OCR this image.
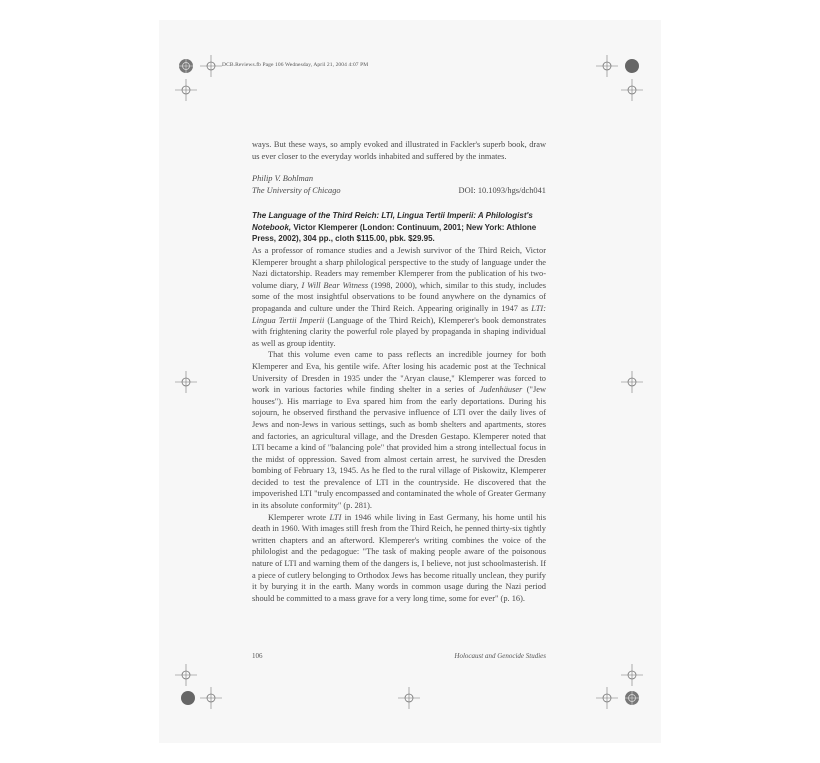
DCB.Reviews.fb Page 106 Wednesday, April 21, 2004 4:07 PM

ways. But these ways, so amply evoked and illustrated in Fackler's superb book, draw us ever closer to the everyday worlds inhabited and suffered by the inmates.

Philip V. Bohlman
The University of Chicago	DOI: 10.1093/hgs/dch041
The Language of the Third Reich: LTI, Lingua Tertii Imperii: A Philologist's Notebook, Victor Klemperer (London: Continuum, 2001; New York: Athlone Press, 2002), 304 pp., cloth $115.00, pbk. $29.95.

As a professor of romance studies and a Jewish survivor of the Third Reich, Victor Klemperer brought a sharp philological perspective to the study of language under the Nazi dictatorship. Readers may remember Klemperer from the publication of his two-volume diary, I Will Bear Witness (1998, 2000), which, similar to this study, includes some of the most insightful observations to be found anywhere on the dynamics of propaganda and culture under the Third Reich. Appearing originally in 1947 as LTI: Lingua Tertii Imperii (Language of the Third Reich), Klemperer's book demonstrates with frightening clarity the powerful role played by propaganda in shaping individual as well as group identity.

That this volume even came to pass reflects an incredible journey for both Klemperer and Eva, his gentile wife. After losing his academic post at the Technical University of Dresden in 1935 under the "Aryan clause," Klemperer was forced to work in various factories while finding shelter in a series of Judenhäuser ("Jew houses"). His marriage to Eva spared him from the early deportations. During his sojourn, he observed firsthand the pervasive influence of LTI over the daily lives of Jews and non-Jews in various settings, such as bomb shelters and apartments, stores and factories, an agricultural village, and the Dresden Gestapo. Klemperer noted that LTI became a kind of "balancing pole" that provided him a strong intellectual focus in the midst of oppression. Saved from almost certain arrest, he survived the Dresden bombing of February 13, 1945. As he fled to the rural village of Piskowitz, Klemperer decided to test the prevalence of LTI in the countryside. He discovered that the impoverished LTI "truly encompassed and contaminated the whole of Greater Germany in its absolute conformity" (p. 281).

Klemperer wrote LTI in 1946 while living in East Germany, his home until his death in 1960. With images still fresh from the Third Reich, he penned thirty-six tightly written chapters and an afterword. Klemperer's writing combines the voice of the philologist and the pedagogue: "The task of making people aware of the poisonous nature of LTI and warning them of the dangers is, I believe, not just schoolmasterish. If a piece of cutlery belonging to Orthodox Jews has become ritually unclean, they purify it by burying it in the earth. Many words in common usage during the Nazi period should be committed to a mass grave for a very long time, some for ever" (p. 16).

106	Holocaust and Genocide Studies
